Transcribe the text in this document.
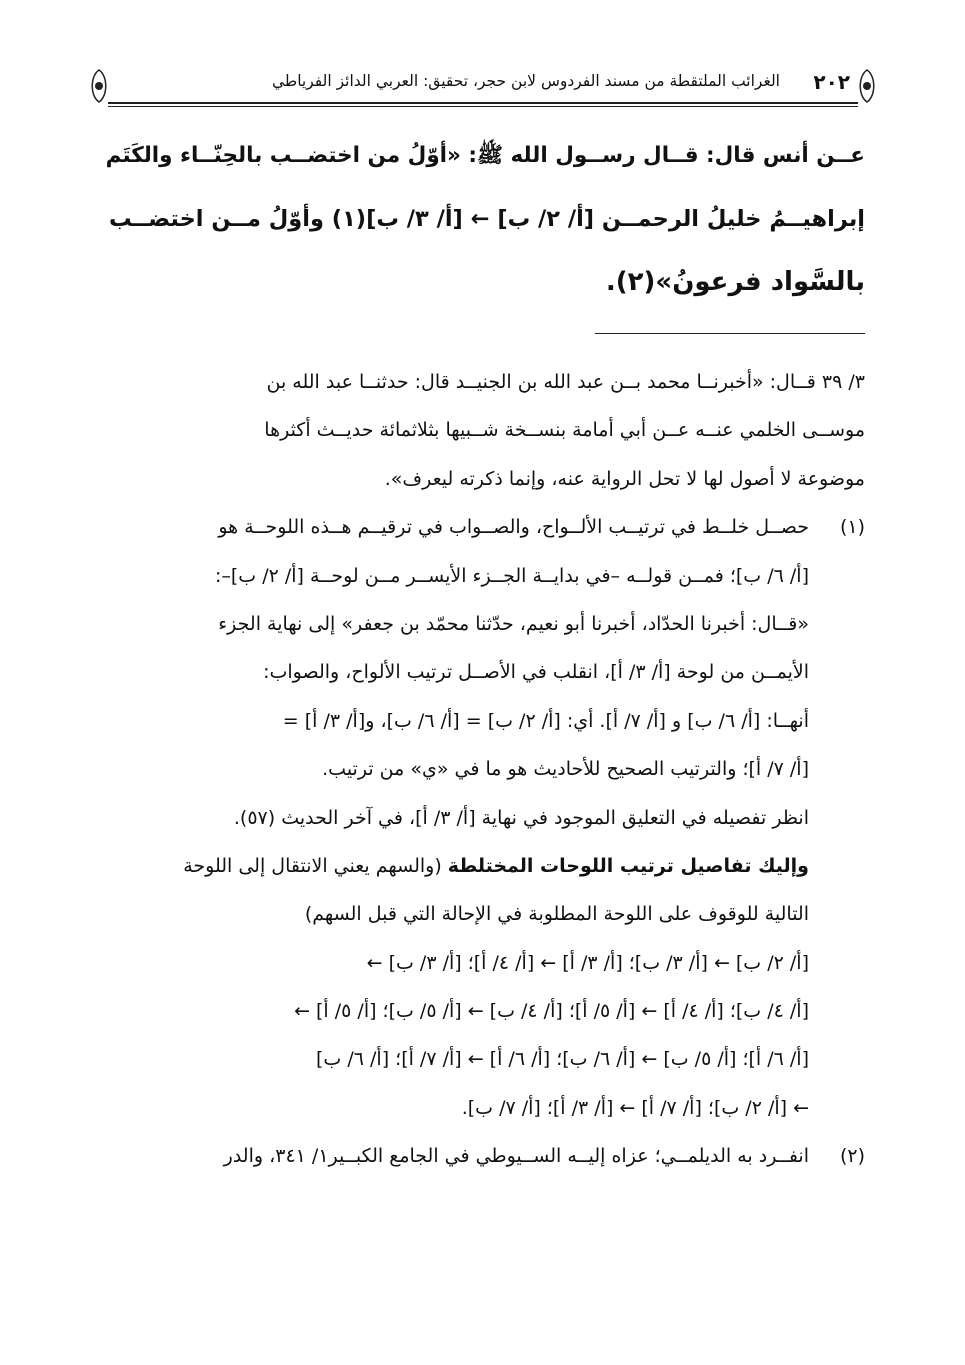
٢٠٢
الغرائب الملتقطة من مسند الفردوس لابن حجر، تحقيق: العربي الدائز الفرياطي
عــن أنس قال: قــال رســول الله ﷺ: «أوّلُ من اختضــب بالحِنّــاء والكَتَم
إبراهيــمُ خليلُ الرحمــن [أ/ ٢/ ب] ← [أ/ ٣/ ب](١) وأوّلُ مــن اختضــب
بالسَّواد فرعونُ»(٢).
٣/ ٣٩ قــال: «أخبرنــا محمد بــن عبد الله بن الجنيــد قال: حدثنــا عبد الله بن
موســى الخلمي عنــه عــن أبي أمامة بنســخة شــبيها بثلاثمائة حديــث أكثرها
موضوعة لا أصول لها لا تحل الرواية عنه، وإنما ذكرته ليعرف».
(١)حصــل خلــط في ترتيــب الألــواح، والصــواب في ترقيــم هــذه اللوحــة هو
[أ/ ٦/ ب]؛ فمــن قولــه –في بدايــة الجــزء الأيســر مــن لوحــة [أ/ ٢/ ب]–:
«قــال: أخبرنا الحدّاد، أخبرنا أبو نعيم، حدّثنا محمّد بن جعفر» إلى نهاية الجزء
الأيمــن من لوحة [أ/ ٣/ أ]، انقلب في الأصــل ترتيب الألواح، والصواب:
أنهــا: [أ/ ٦/ ب] و [أ/ ٧/ أ]. أي: [أ/ ٢/ ب] = [أ/ ٦/ ب]، و[أ/ ٣/ أ] =
[أ/ ٧/ أ]؛ والترتيب الصحيح للأحاديث هو ما في «ي» من ترتيب.
انظر تفصيله في التعليق الموجود في نهاية [أ/ ٣/ أ]، في آخر الحديث (٥٧).
وإليك تفاصيل ترتيب اللوحات المختلطة (والسهم يعني الانتقال إلى اللوحة
التالية للوقوف على اللوحة المطلوبة في الإحالة التي قبل السهم)
[أ/ ٢/ ب] ← [أ/ ٣/ ب]؛ [أ/ ٣/ أ] ← [أ/ ٤/ أ]؛ [أ/ ٣/ ب] ←
[أ/ ٤/ ب]؛ [أ/ ٤/ أ] ← [أ/ ٥/ أ]؛ [أ/ ٤/ ب] ← [أ/ ٥/ ب]؛ [أ/ ٥/ أ] ←
[أ/ ٦/ أ]؛ [أ/ ٥/ ب] ← [أ/ ٦/ ب]؛ [أ/ ٦/ أ] ← [أ/ ٧/ أ]؛ [أ/ ٦/ ب]
← [أ/ ٢/ ب]؛ [أ/ ٧/ أ] ← [أ/ ٣/ أ]؛ [أ/ ٧/ ب].
(٢)انفــرد به الديلمــي؛ عزاه إليــه الســيوطي في الجامع الكبــير١/ ٣٤١، والدر
